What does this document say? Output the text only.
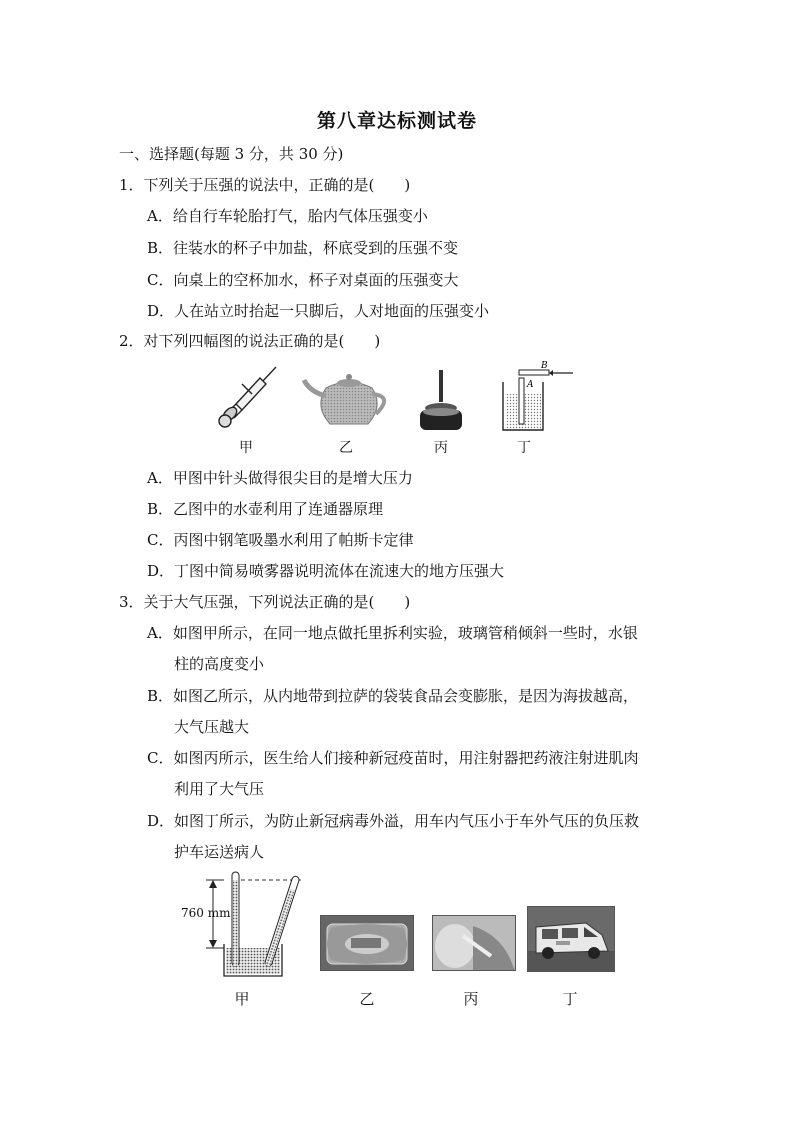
第八章达标测试卷
一、选择题(每题 3 分，共 30 分)
1．下列关于压强的说法中，正确的是(　　)
A．给自行车轮胎打气，胎内气体压强变小
B．往装水的杯子中加盐，杯底受到的压强不变
C．向桌上的空杯加水，杯子对桌面的压强变大
D．人在站立时抬起一只脚后，人对地面的压强变小
2．对下列四幅图的说法正确的是(　　)
B
A
甲	乙	丙	丁
A．甲图中针头做得很尖目的是增大压力
B．乙图中的水壶利用了连通器原理
C．丙图中钢笔吸墨水利用了帕斯卡定律
D．丁图中简易喷雾器说明流体在流速大的地方压强大
3．关于大气压强，下列说法正确的是(　　)
A．如图甲所示，在同一地点做托里拆利实验，玻璃管稍倾斜一些时，水银
柱的高度变小
B．如图乙所示，从内地带到拉萨的袋装食品会变膨胀，是因为海拔越高，
大气压越大
C．如图丙所示，医生给人们接种新冠疫苗时，用注射器把药液注射进肌肉
利用了大气压
D．如图丁所示，为防止新冠病毒外溢，用车内气压小于车外气压的负压救
护车运送病人
760 mm
甲	乙	丙	丁
